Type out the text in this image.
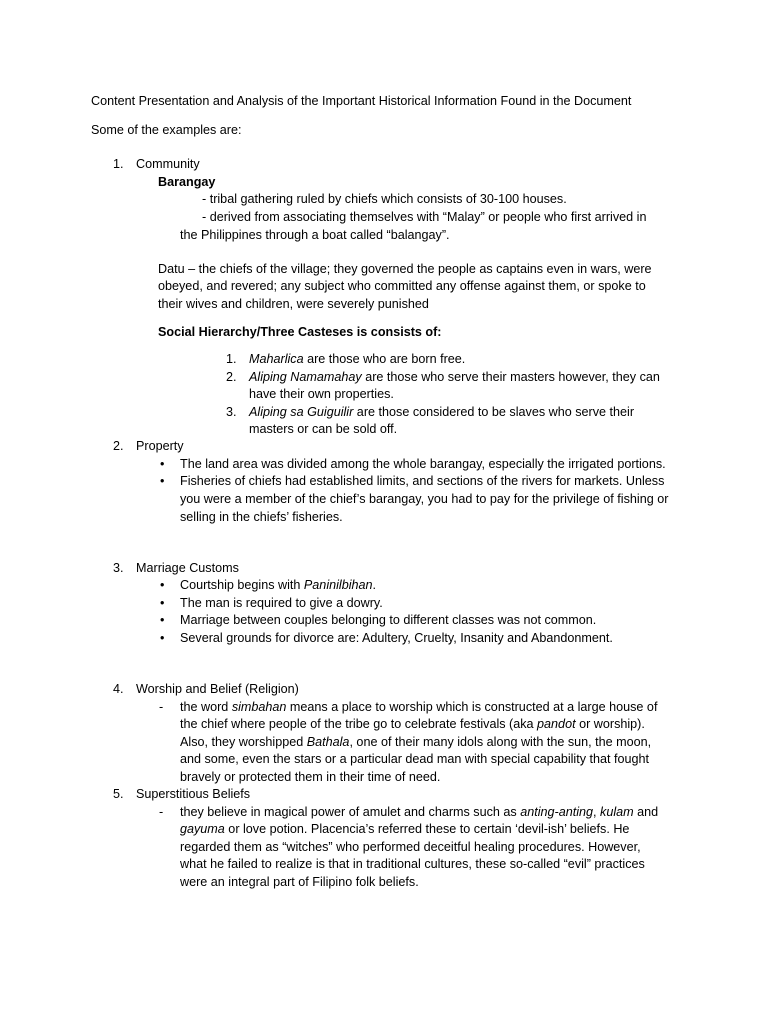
Content Presentation and Analysis of the Important Historical Information Found in the Document
Some of the examples are:
1. Community
Barangay
- tribal gathering ruled by chiefs which consists of 30-100 houses.
- derived from associating themselves with “Malay” or people who first arrived in
the Philippines through a boat called “balangay”.
Datu – the chiefs of the village; they governed the people as captains even in wars, were
obeyed, and revered; any subject who committed any offense against them, or spoke to
their wives and children, were severely punished
Social Hierarchy/Three Casteses is consists of:
1. Maharlica are those who are born free.
2. Aliping Namamahay are those who serve their masters however, they can
have their own properties.
3. Aliping sa Guiguilir are those considered to be slaves who serve their
masters or can be sold off.
2. Property
• The land area was divided among the whole barangay, especially the irrigated portions.
• Fisheries of chiefs had established limits, and sections of the rivers for markets. Unless
you were a member of the chief’s barangay, you had to pay for the privilege of fishing or
selling in the chiefs’ fisheries.
3. Marriage Customs
• Courtship begins with Paninilbihan.
• The man is required to give a dowry.
• Marriage between couples belonging to different classes was not common.
• Several grounds for divorce are: Adultery, Cruelty, Insanity and Abandonment.
4. Worship and Belief (Religion)
- the word simbahan means a place to worship which is constructed at a large house of
the chief where people of the tribe go to celebrate festivals (aka pandot or worship).
Also, they worshipped Bathala, one of their many idols along with the sun, the moon,
and some, even the stars or a particular dead man with special capability that fought
bravely or protected them in their time of need.
5. Superstitious Beliefs
- they believe in magical power of amulet and charms such as anting-anting, kulam and
gayuma or love potion. Placencia’s referred these to certain ‘devil-ish’ beliefs. He
regarded them as “witches” who performed deceitful healing procedures. However,
what he failed to realize is that in traditional cultures, these so-called “evil” practices
were an integral part of Filipino folk beliefs.
